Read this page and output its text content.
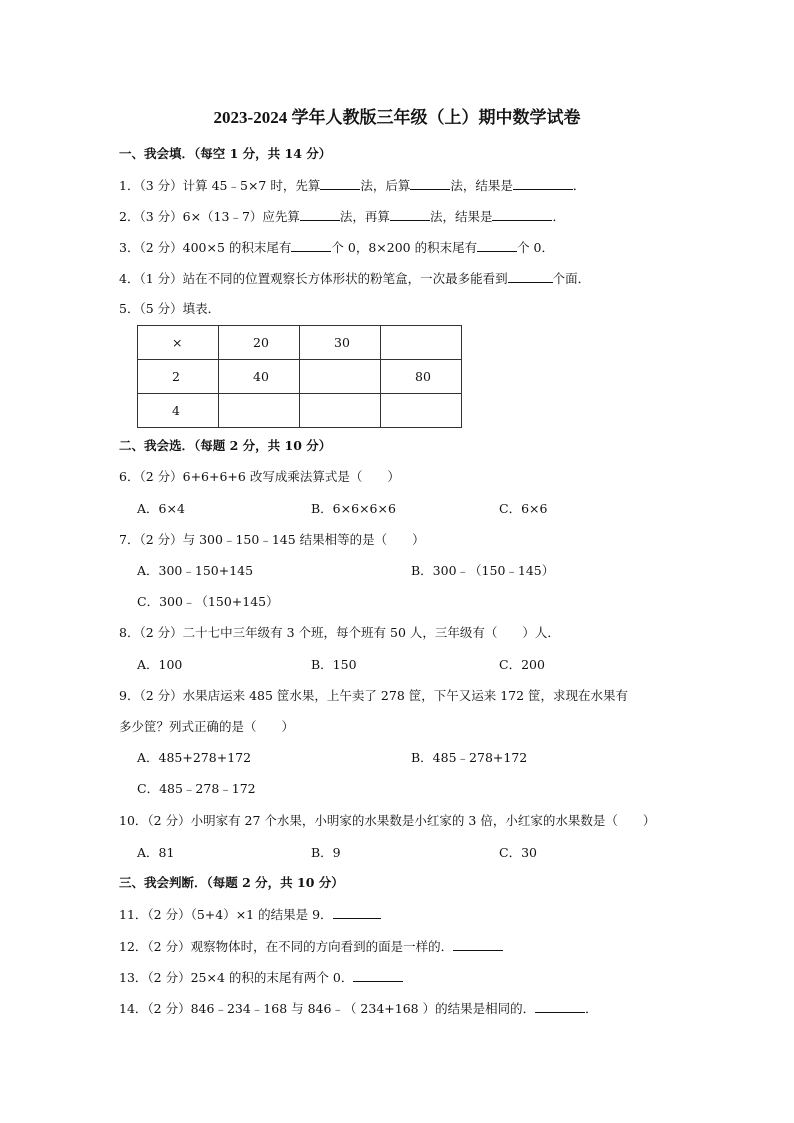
2023-2024 学年人教版三年级（上）期中数学试卷
一、我会填．（每空 1 分，共 14 分）
1．（3 分）计算 45﹣5×7 时，先算	法，后算	法，结果是	．
2．（3 分）6×（13﹣7）应先算	法，再算	法，结果是	．
3．（2 分）400×5 的积末尾有	个 0，8×200 的积末尾有	个 0．
4．（1 分）站在不同的位置观察长方体形状的粉笔盒，一次最多能看到	个面．
5．（5 分）填表．
×	20	30	
2	40		80
4			
二、我会选．（每题 2 分，共 10 分）
6．（2 分）6+6+6+6 改写成乘法算式是（　　）
A．6×4	B．6×6×6×6	C．6×6
7．（2 分）与 300﹣150﹣145 结果相等的是（　　）
A．300﹣150+145	B．300﹣（150﹣145）
C．300﹣（150+145）
8．（2 分）二十七中三年级有 3 个班，每个班有 50 人，三年级有（　　）人．
A．100	B．150	C．200
9．（2 分）水果店运来 485 筐水果，上午卖了 278 筐，下午又运来 172 筐，求现在水果有
多少筐？列式正确的是（　　）
A．485+278+172	B．485﹣278+172
C．485﹣278﹣172
10．（2 分）小明家有 27 个水果，小明家的水果数是小红家的 3 倍，小红家的水果数是（　　）
A．81	B．9	C．30
三、我会判断．（每题 2 分，共 10 分）
11．（2 分）（5+4）×1 的结果是 9．
12．（2 分）观察物体时，在不同的方向看到的面是一样的．
13．（2 分）25×4 的积的末尾有两个 0．
14．（2 分）846﹣234﹣168 与 846﹣（ 234+168 ）的结果是相同的．	．
